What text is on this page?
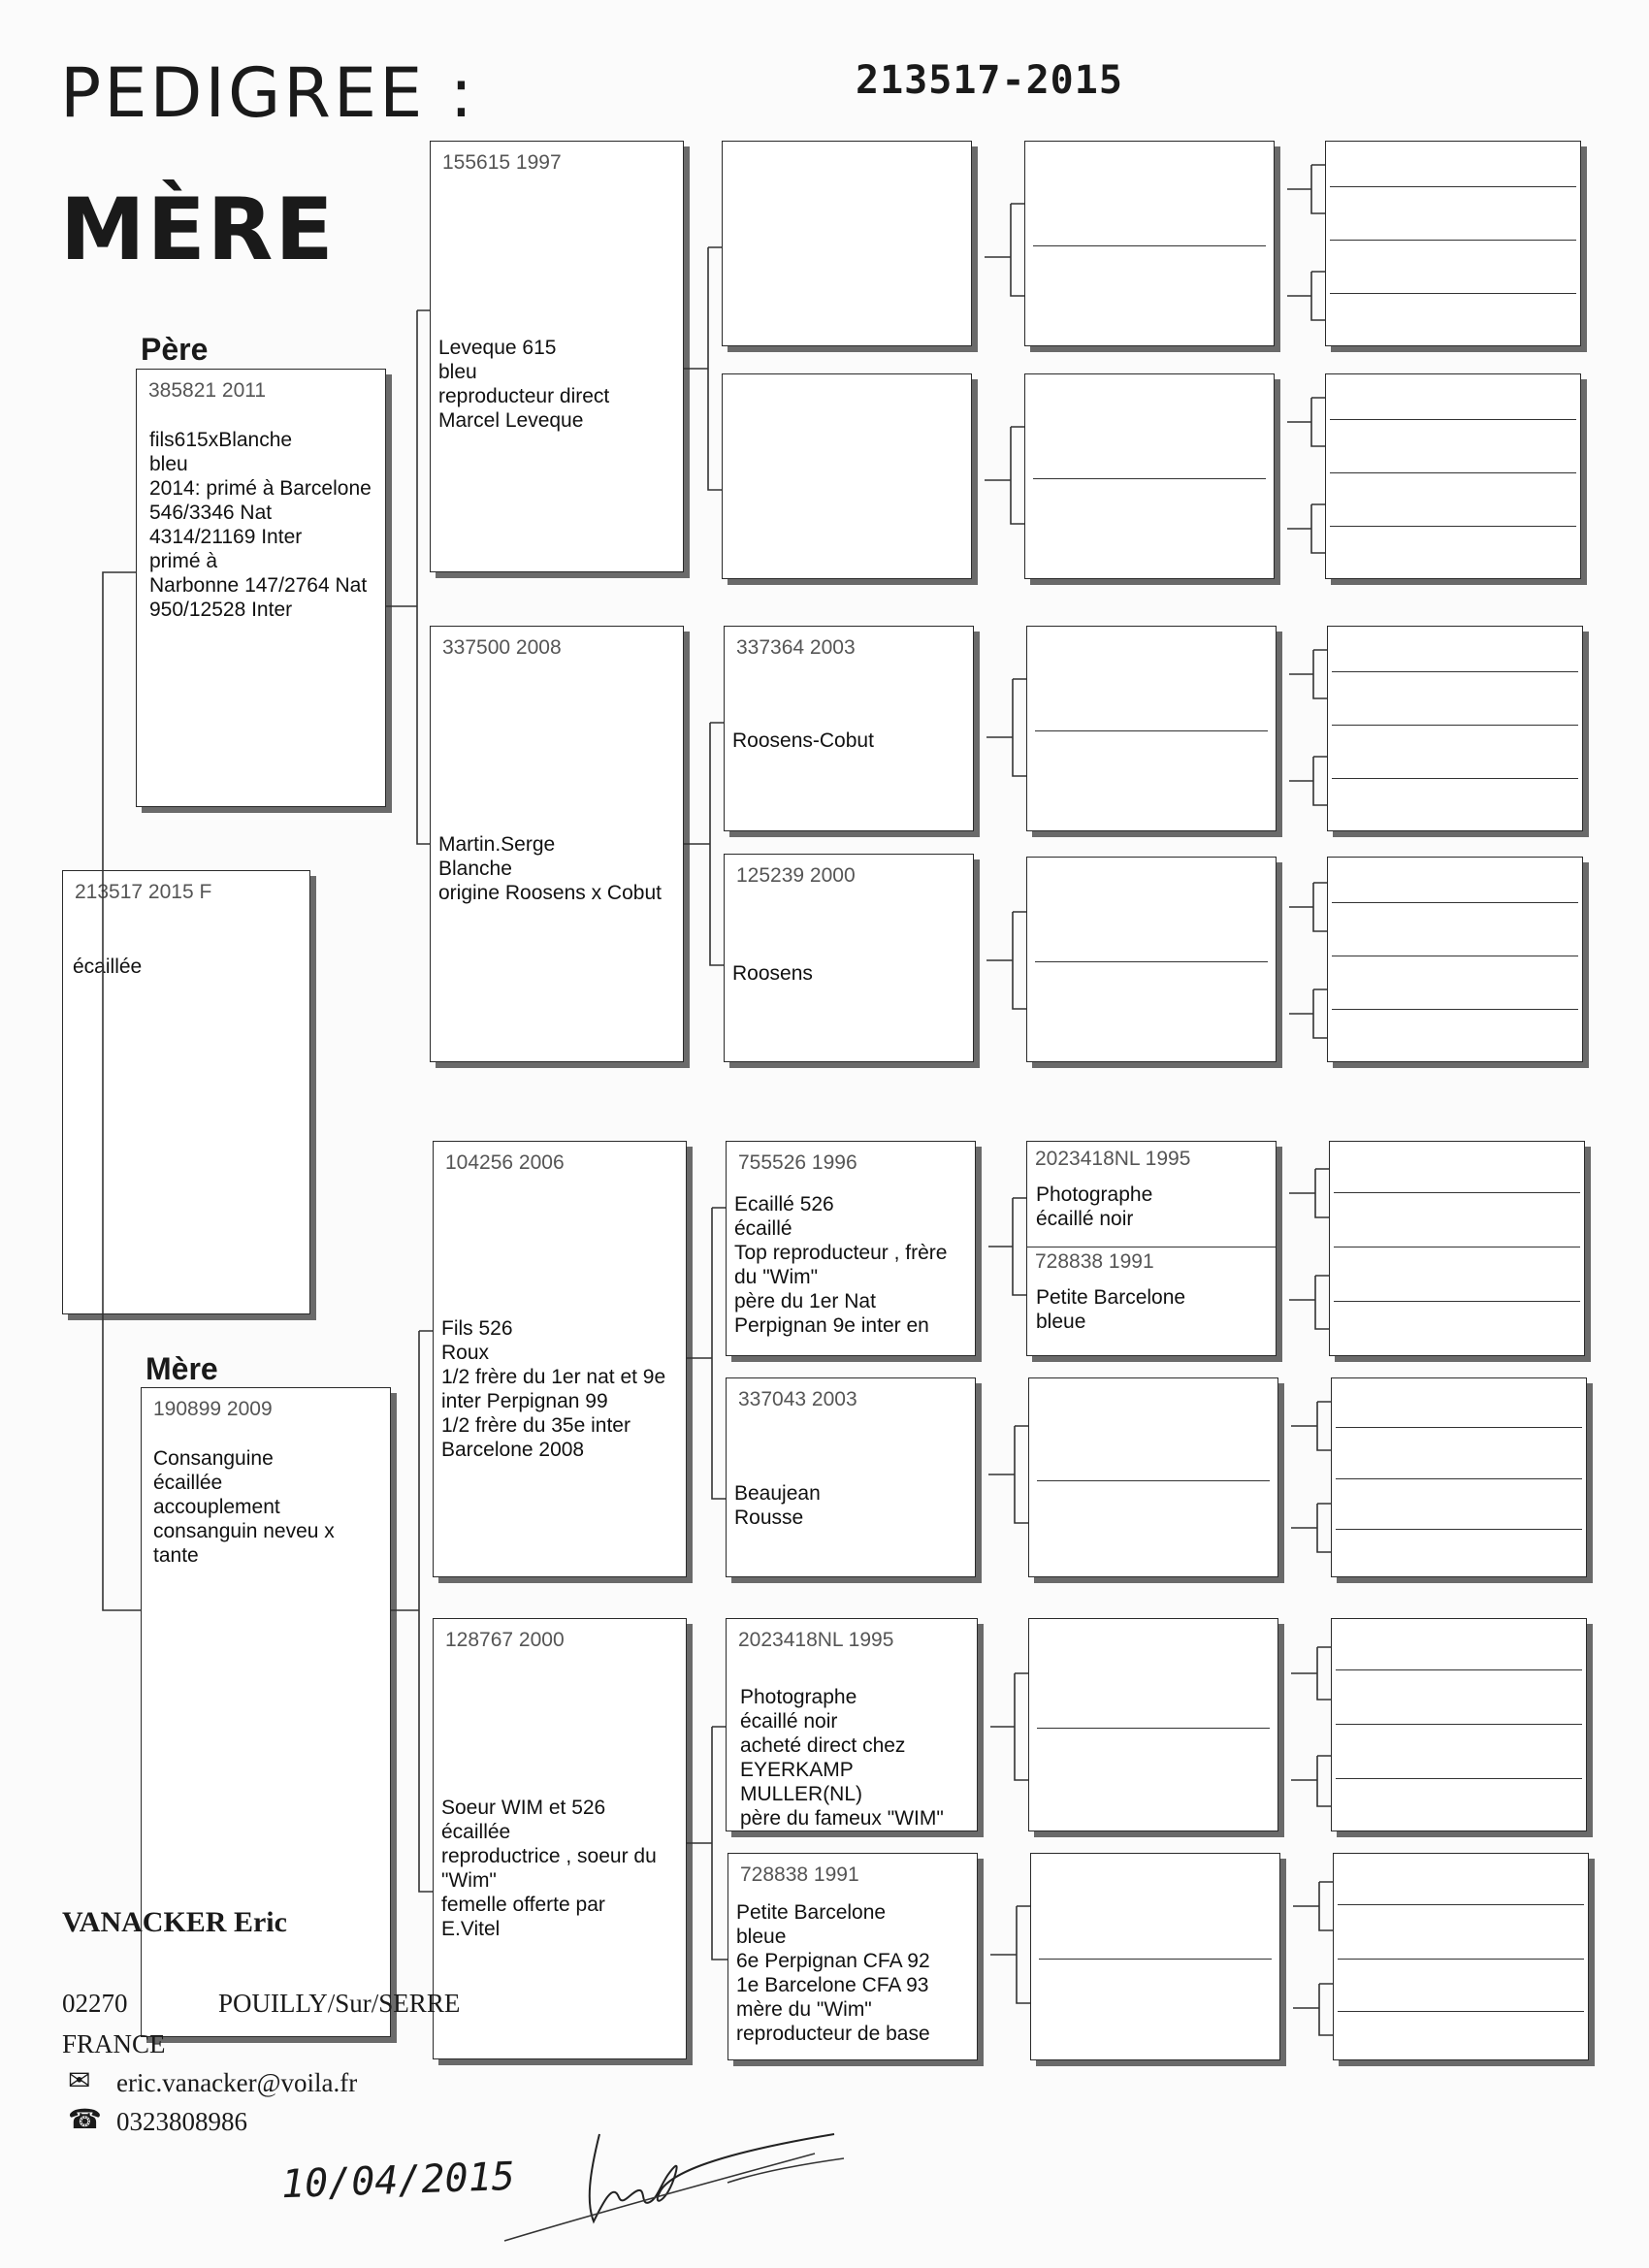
PEDIGREE :	213517-2015
MÈRE
Père
Mère
213517 2015 F
écaillée
385821 2011
fils615xBlanche
bleu
2014: primé à Barcelone
546/3346 Nat
4314/21169 Inter
primé à
Narbonne 147/2764 Nat
950/12528 Inter
190899 2009
Consanguine
écaillée
accouplement
consanguin neveu x
tante
155615 1997
Leveque 615
bleu
reproducteur direct
Marcel Leveque
337500 2008
Martin.Serge
Blanche
origine Roosens x Cobut
104256 2006
Fils 526
Roux
1/2 frère du 1er nat et 9e
inter Perpignan 99
1/2 frère du 35e inter
Barcelone 2008
128767 2000
Soeur WIM et 526
écaillée
reproductrice , soeur du
"Wim"
femelle offerte par
E.Vitel
337364 2003
Roosens-Cobut
125239 2000
Roosens
755526 1996
Ecaillé 526
écaillé
Top reproducteur , frère
du "Wim"
père du 1er Nat
Perpignan 9e inter en
337043 2003
Beaujean
Rousse
2023418NL 1995
Photographe
écaillé noir
acheté direct chez
EYERKAMP
MULLER(NL)
père du fameux "WIM"
728838 1991
Petite Barcelone
bleue
6e Perpignan CFA 92
1e Barcelone CFA 93
mère du "Wim"
reproducteur de base
2023418NL 1995
Photographe
écaillé noir
728838 1991
Petite Barcelone
bleue
VANACKER Eric
02270	POUILLY/Sur/SERRE
FRANCE
✉ eric.vanacker@voila.fr
☎ 0323808986
10/04/2015
